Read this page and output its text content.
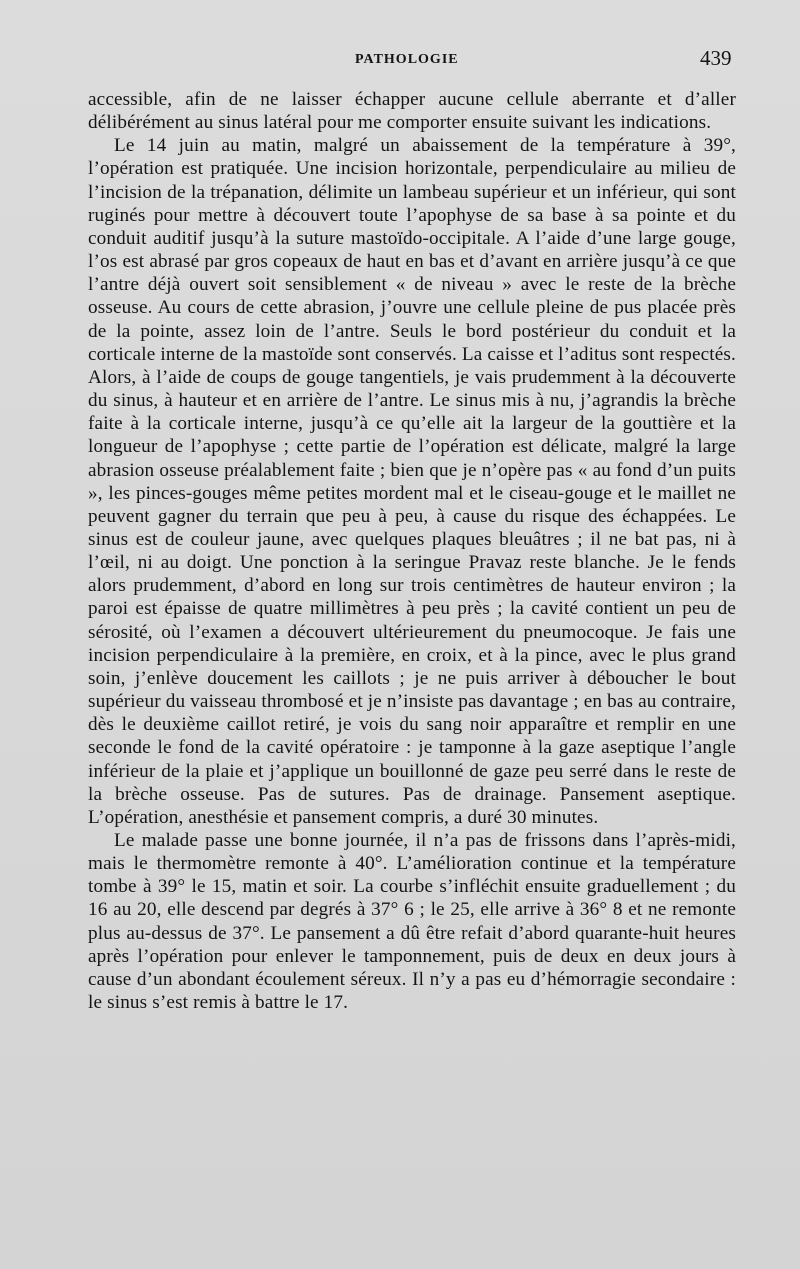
PATHOLOGIE	439

accessible, afin de ne laisser échapper aucune cellule aberrante et d’aller délibérément au sinus latéral pour me comporter ensuite suivant les indications.

Le 14 juin au matin, malgré un abaissement de la température à 39°, l’opération est pratiquée. Une incision horizontale, perpendiculaire au milieu de l’incision de la trépanation, délimite un lambeau supérieur et un inférieur, qui sont ruginés pour mettre à découvert toute l’apophyse de sa base à sa pointe et du conduit auditif jusqu’à la suture mastoïdo-occipitale. A l’aide d’une large gouge, l’os est abrasé par gros copeaux de haut en bas et d’avant en arrière jusqu’à ce que l’antre déjà ouvert soit sensiblement « de niveau » avec le reste de la brèche osseuse. Au cours de cette abrasion, j’ouvre une cellule pleine de pus placée près de la pointe, assez loin de l’antre. Seuls le bord postérieur du conduit et la corticale interne de la mastoïde sont conservés. La caisse et l’aditus sont respectés. Alors, à l’aide de coups de gouge tangentiels, je vais prudemment à la découverte du sinus, à hauteur et en arrière de l’antre. Le sinus mis à nu, j’agrandis la brèche faite à la corticale interne, jusqu’à ce qu’elle ait la largeur de la gouttière et la longueur de l’apophyse ; cette partie de l’opération est délicate, malgré la large abrasion osseuse préalablement faite ; bien que je n’opère pas « au fond d’un puits », les pinces-gouges même petites mordent mal et le ciseau-gouge et le maillet ne peuvent gagner du terrain que peu à peu, à cause du risque des échappées. Le sinus est de couleur jaune, avec quelques plaques bleuâtres ; il ne bat pas, ni à l’œil, ni au doigt. Une ponction à la seringue Pravaz reste blanche. Je le fends alors prudemment, d’abord en long sur trois centimètres de hauteur environ ; la paroi est épaisse de quatre millimètres à peu près ; la cavité contient un peu de sérosité, où l’examen a découvert ultérieurement du pneumocoque. Je fais une incision perpendiculaire à la première, en croix, et à la pince, avec le plus grand soin, j’enlève doucement les caillots ; je ne puis arriver à déboucher le bout supérieur du vaisseau thrombosé et je n’insiste pas davantage ; en bas au contraire, dès le deuxième caillot retiré, je vois du sang noir apparaître et remplir en une seconde le fond de la cavité opératoire : je tamponne à la gaze aseptique l’angle inférieur de la plaie et j’applique un bouillonné de gaze peu serré dans le reste de la brèche osseuse. Pas de sutures. Pas de drainage. Pansement aseptique. L’opération, anesthésie et pansement compris, a duré 30 minutes.

Le malade passe une bonne journée, il n’a pas de frissons dans l’après-midi, mais le thermomètre remonte à 40°. L’amélioration continue et la température tombe à 39° le 15, matin et soir. La courbe s’infléchit ensuite graduellement ; du 16 au 20, elle descend par degrés à 37° 6 ; le 25, elle arrive à 36° 8 et ne remonte plus au-dessus de 37°. Le pansement a dû être refait d’abord quarante-huit heures après l’opération pour enlever le tamponnement, puis de deux en deux jours à cause d’un abondant écoulement séreux. Il n’y a pas eu d’hémorragie secondaire : le sinus s’est remis à battre le 17.
